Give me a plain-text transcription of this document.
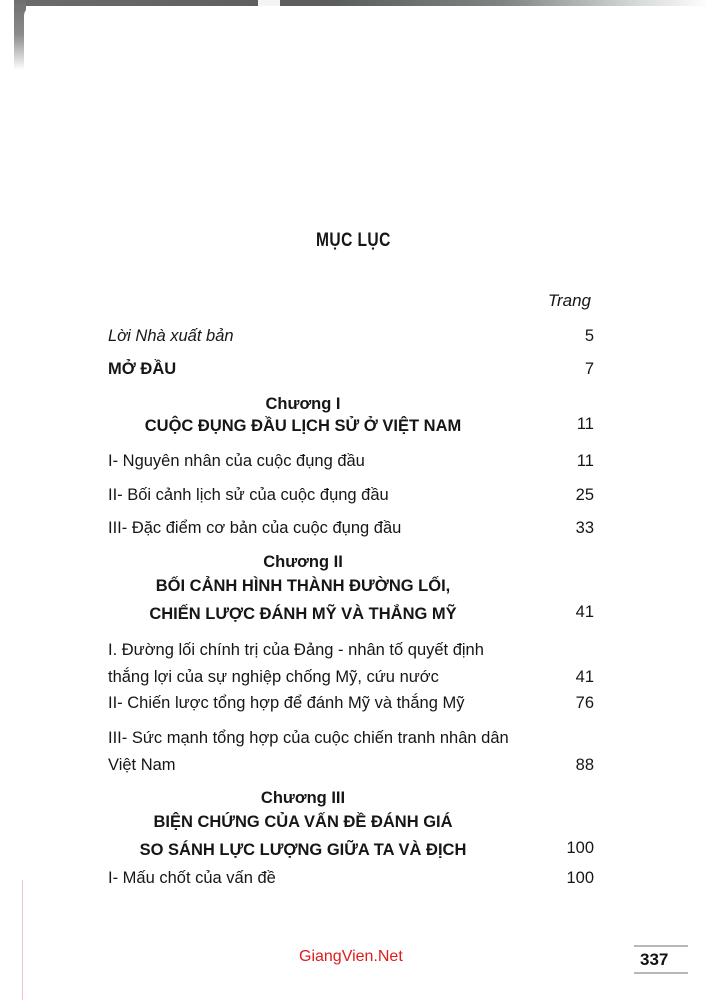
MỤC LỤC
Trang
Lời Nhà xuất bản	5
MỞ ĐẦU	7
Chương I
CUỘC ĐỤNG ĐẦU LỊCH SỬ Ở VIỆT NAM	11
I- Nguyên nhân của cuộc đụng đầu	11
II- Bối cảnh lịch sử của cuộc đụng đầu	25
III- Đặc điểm cơ bản của cuộc đụng đầu	33
Chương II
BỐI CẢNH HÌNH THÀNH ĐƯỜNG LỐI,
CHIẾN LƯỢC ĐÁNH MỸ VÀ THẮNG MỸ	41
I. Đường lối chính trị của Đảng - nhân tố quyết định thắng lợi của sự nghiệp chống Mỹ, cứu nước	41
II- Chiến lược tổng hợp để đánh Mỹ và thắng Mỹ	76
III- Sức mạnh tổng hợp của cuộc chiến tranh nhân dân Việt Nam	88
Chương III
BIỆN CHỨNG CỦA VẤN ĐỀ ĐÁNH GIÁ
SO SÁNH LỰC LƯỢNG GIỮA TA VÀ ĐỊCH	100
I- Mấu chốt của vấn đề	100
GiangVien.Net	337
